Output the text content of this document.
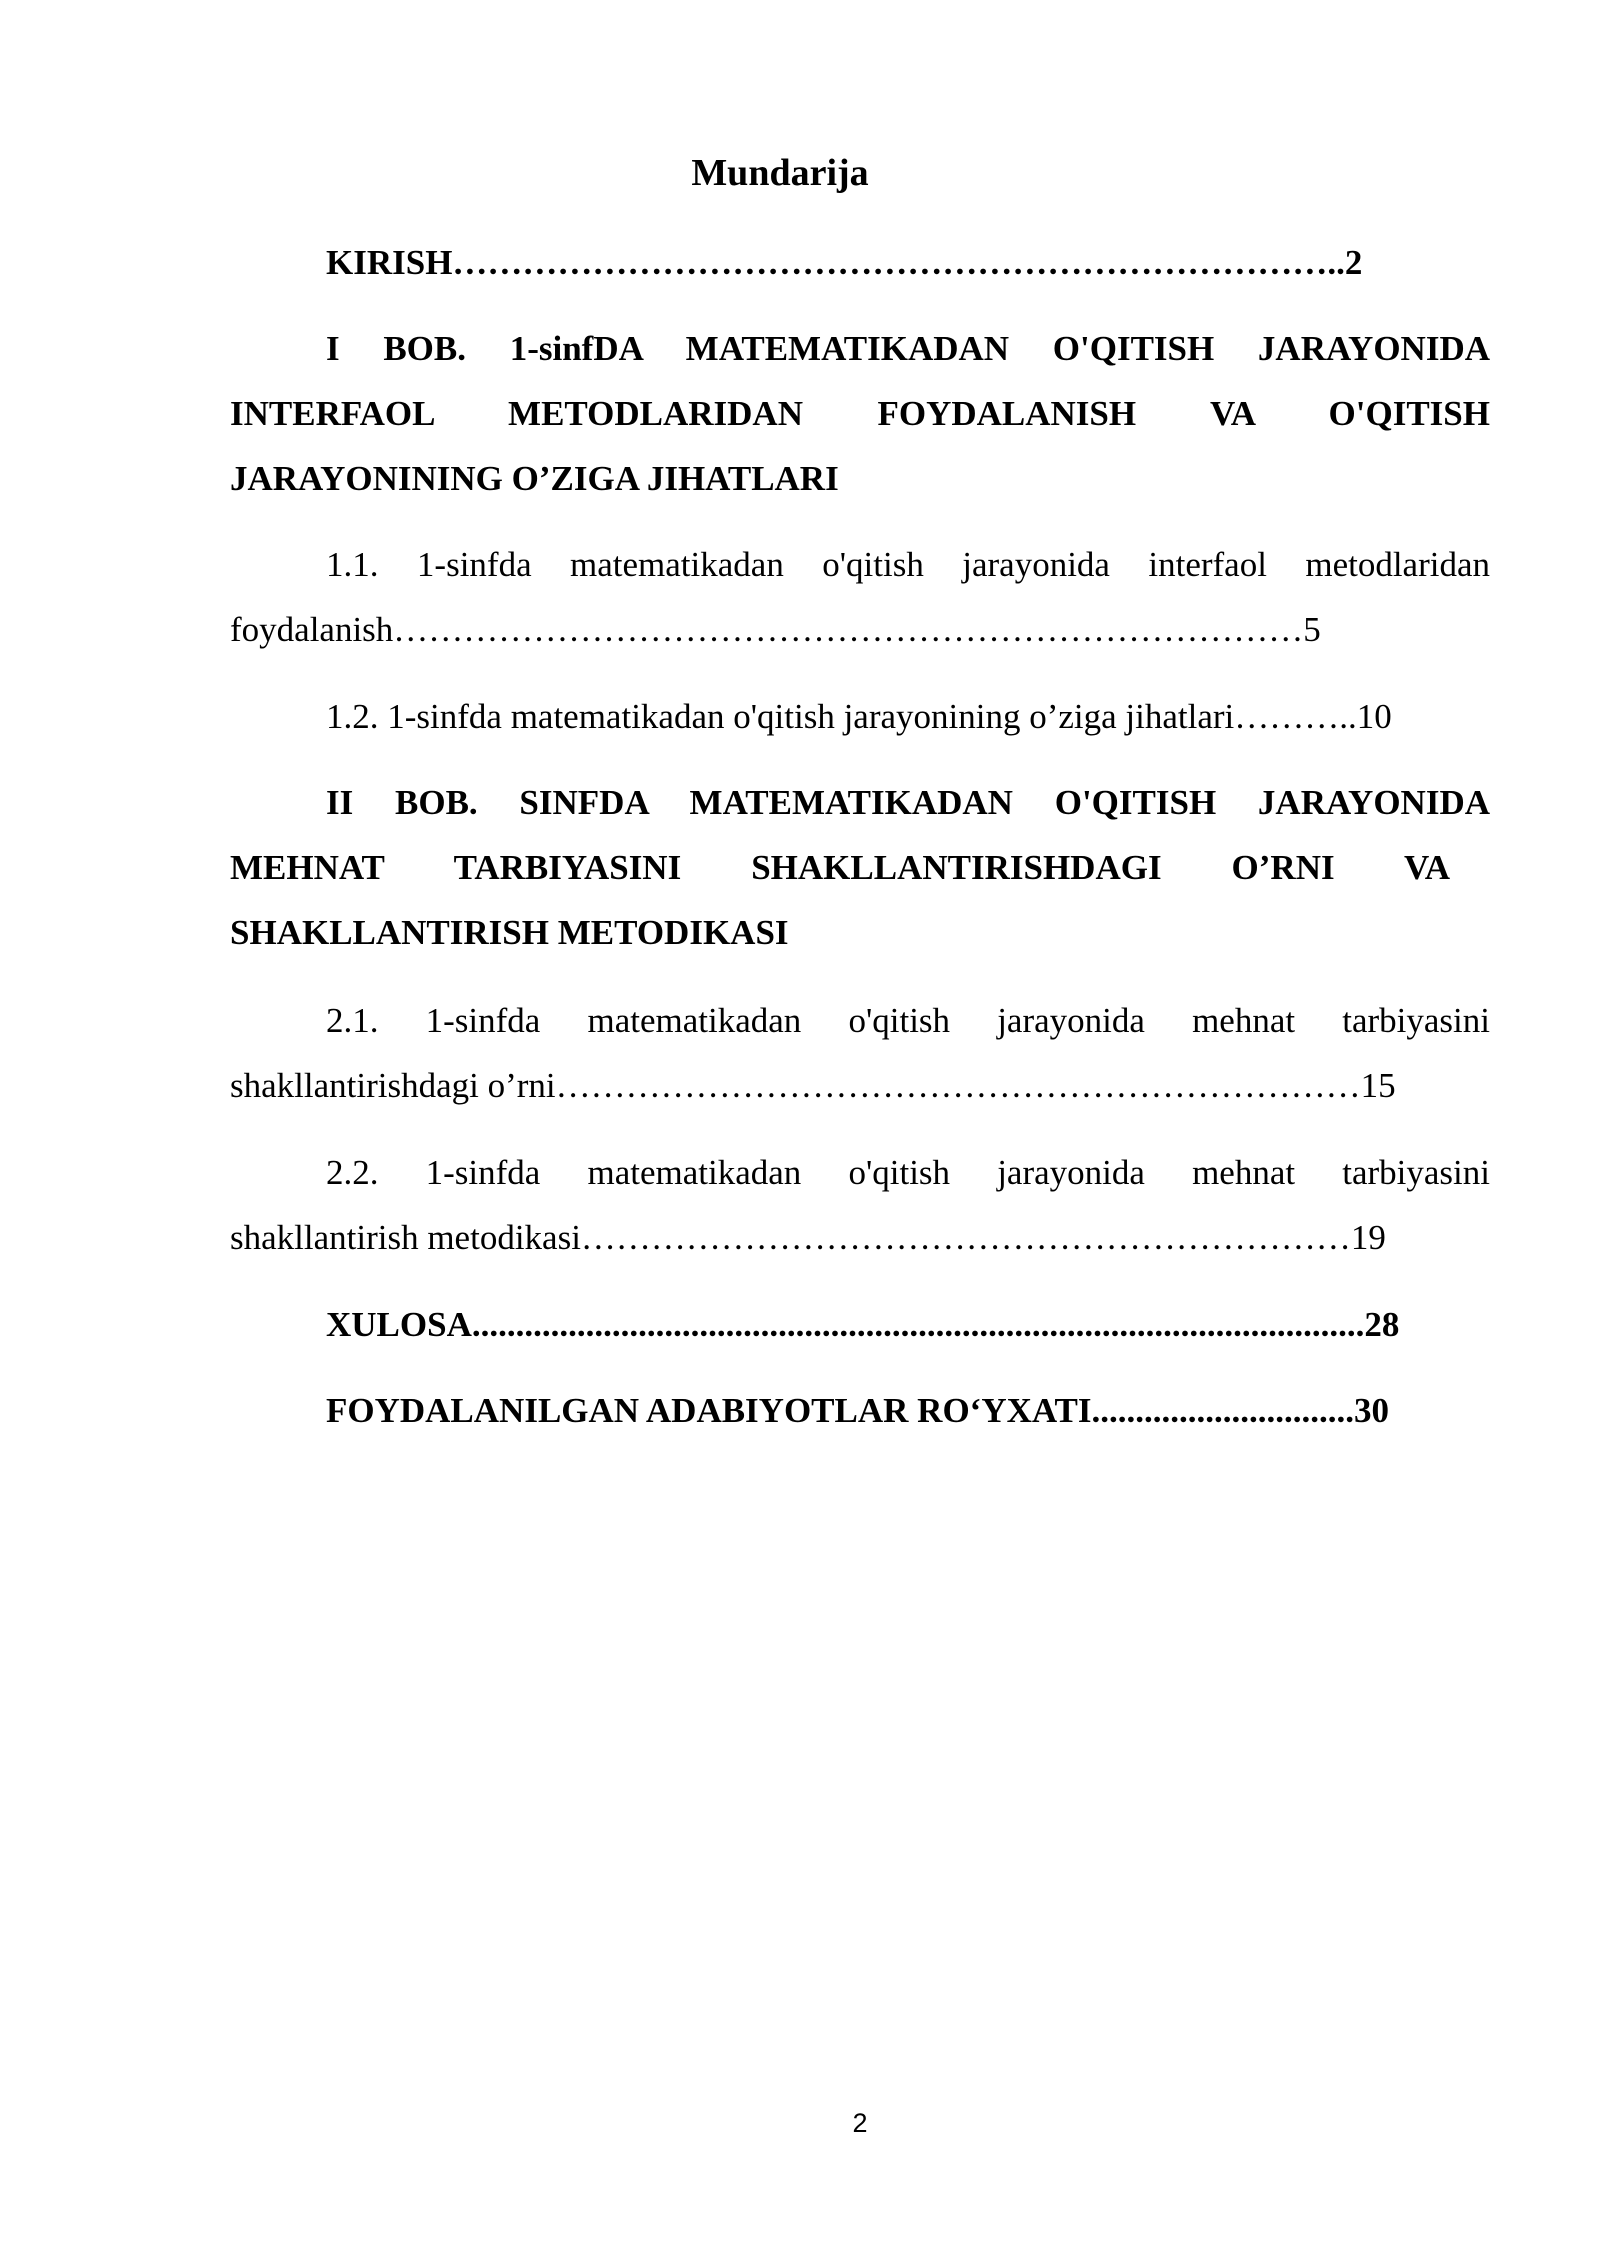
Mundarija
KIRISH…………………………………………………………………..2
I BOB. 1-sinfDA MATEMATIKADAN O'QITISH JARAYONIDA
INTERFAOL METODLARIDAN FOYDALANISH VA O'QITISH
JARAYONINING O’ZIGA JIHATLARI
1.1. 1-sinfda matematikadan o'qitish jarayonida interfaol metodlaridan
foydalanish……………………………………………………………………5
1.2. 1-sinfda matematikadan o'qitish jarayonining o’ziga jihatlari………..10
II BOB. SINFDA MATEMATIKADAN O'QITISH JARAYONIDA
MEHNAT TARBIYASINI SHAKLLANTIRISHDAGI O’RNI VA
SHAKLLANTIRISH METODIKASI
2.1. 1-sinfda matematikadan o'qitish jarayonida mehnat tarbiyasini
shakllantirishdagi o’rni……………………………………………………………15
2.2. 1-sinfda matematikadan o'qitish jarayonida mehnat tarbiyasini
shakllantirish metodikasi…………………………………………………………19
XULOSA......................................................................................................28
FOYDALANILGAN ADABIYOTLAR RO‘YXATI..............................30
2
